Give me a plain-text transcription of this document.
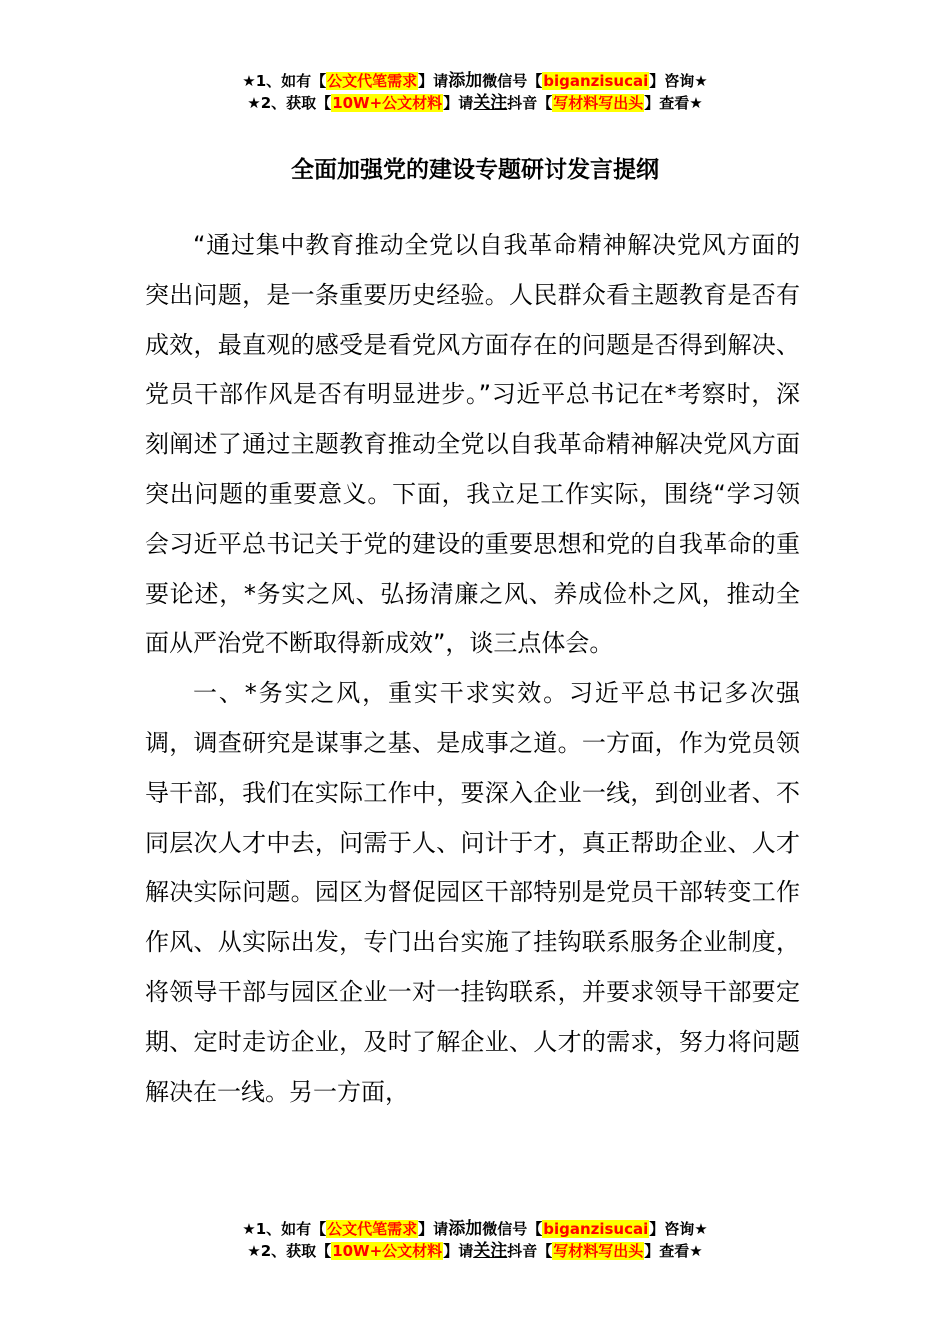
★1、如有【公文代笔需求】请添加微信号【biganzisucai】咨询★
★2、获取【10W+公文材料】请关注抖音【写材料写出头】查看★
全面加强党的建设专题研讨发言提纲

“通过集中教育推动全党以自我革命精神解决党风方面的突出问题，是一条重要历史经验。人民群众看主题教育是否有成效，最直观的感受是看党风方面存在的问题是否得到解决、党员干部作风是否有明显进步。”习近平总书记在*考察时，深刻阐述了通过主题教育推动全党以自我革命精神解决党风方面突出问题的重要意义。下面，我立足工作实际，围绕“学习领会习近平总书记关于党的建设的重要思想和党的自我革命的重要论述，*务实之风、弘扬清廉之风、养成俭朴之风，推动全面从严治党不断取得新成效”，谈三点体会。

一、*务实之风，重实干求实效。习近平总书记多次强调，调查研究是谋事之基、是成事之道。一方面，作为党员领导干部，我们在实际工作中，要深入企业一线，到创业者、不同层次人才中去，问需于人、问计于才，真正帮助企业、人才解决实际问题。园区为督促园区干部特别是党员干部转变工作作风、从实际出发，专门出台实施了挂钩联系服务企业制度，将领导干部与园区企业一对一挂钩联系，并要求领导干部要定期、定时走访企业，及时了解企业、人才的需求，努力将问题解决在一线。另一方面，

★1、如有【公文代笔需求】请添加微信号【biganzisucai】咨询★
★2、获取【10W+公文材料】请关注抖音【写材料写出头】查看★
